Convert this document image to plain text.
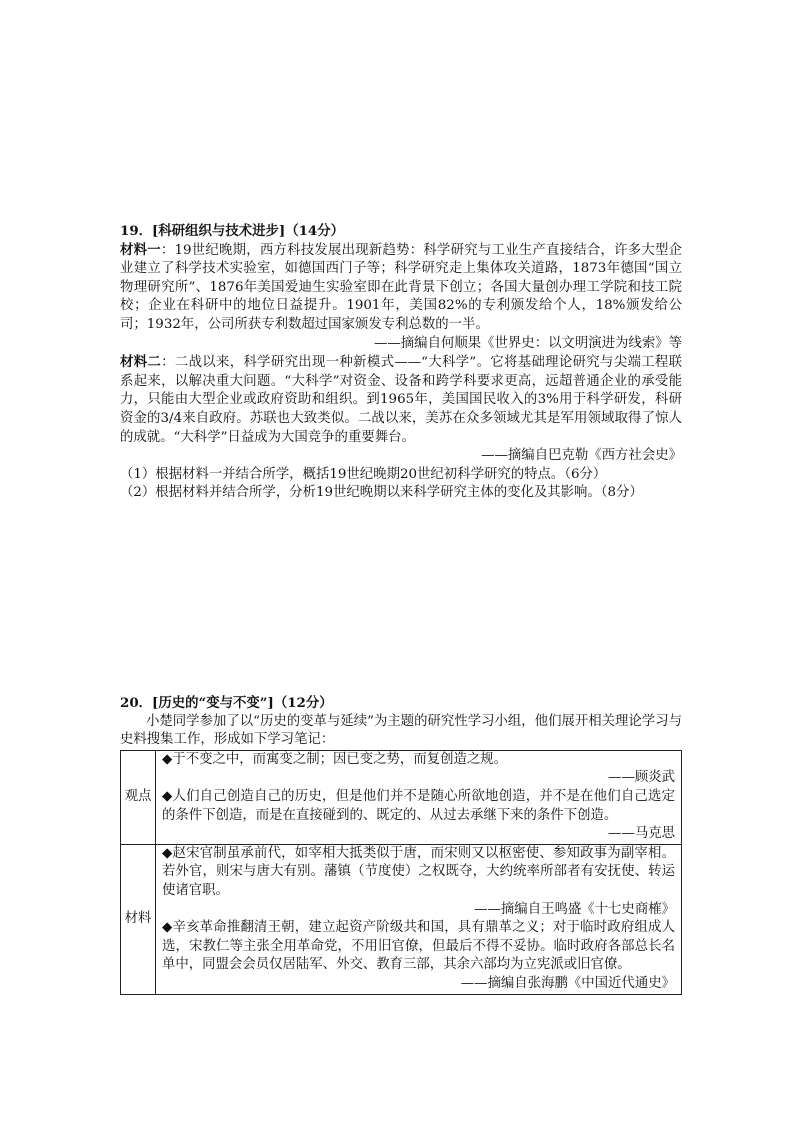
19．[科研组织与技术进步]（14分）
材料一：19世纪晚期，西方科技发展出现新趋势：科学研究与工业生产直接结合，许多大型企业建立了科学技术实验室，如德国西门子等；科学研究走上集体攻关道路，1873年德国“国立物理研究所”、1876年美国爱迪生实验室即在此背景下创立；各国大量创办理工学院和技工院校；企业在科研中的地位日益提升。1901年，美国82%的专利颁发给个人，18%颁发给公司；1932年，公司所获专利数超过国家颁发专利总数的一半。
——摘编自何顺果《世界史：以文明演进为线索》等
材料二：二战以来，科学研究出现一种新模式——“大科学”。它将基础理论研究与尖端工程联系起来，以解决重大问题。“大科学”对资金、设备和跨学科要求更高，远超普通企业的承受能力，只能由大型企业或政府资助和组织。到1965年，美国国民收入的3%用于科学研发，科研资金的3/4来自政府。苏联也大致类似。二战以来，美苏在众多领域尤其是军用领域取得了惊人的成就。“大科学”日益成为大国竞争的重要舞台。
——摘编自巴克勒《西方社会史》
（1）根据材料一并结合所学，概括19世纪晚期20世纪初科学研究的特点。（6分）
（2）根据材料并结合所学，分析19世纪晚期以来科学研究主体的变化及其影响。（8分）
20．[历史的“变与不变”]（12分）
小楚同学参加了以“历史的变革与延续”为主题的研究性学习小组，他们展开相关理论学习与史料搜集工作，形成如下学习笔记：
观点	◆于不变之中，而寓变之制；因已变之势，而复创造之规。
——顾炎武
◆人们自己创造自己的历史，但是他们并不是随心所欲地创造，并不是在他们自己选定的条件下创造，而是在直接碰到的、既定的、从过去承继下来的条件下创造。
——马克思

材料	◆赵宋官制虽承前代，如宰相大抵类似于唐，而宋则又以枢密使、参知政事为副宰相。若外官，则宋与唐大有别。藩镇（节度使）之权既夺，大约统率所部者有安抚使、转运使诸官职。
——摘编自王鸣盛《十七史商榷》
◆辛亥革命推翻清王朝，建立起资产阶级共和国，具有鼎革之义；对于临时政府组成人选，宋教仁等主张全用革命党，不用旧官僚，但最后不得不妥协。临时政府各部总长名单中，同盟会会员仅居陆军、外交、教育三部，其余六部均为立宪派或旧官僚。
——摘编自张海鹏《中国近代通史》
